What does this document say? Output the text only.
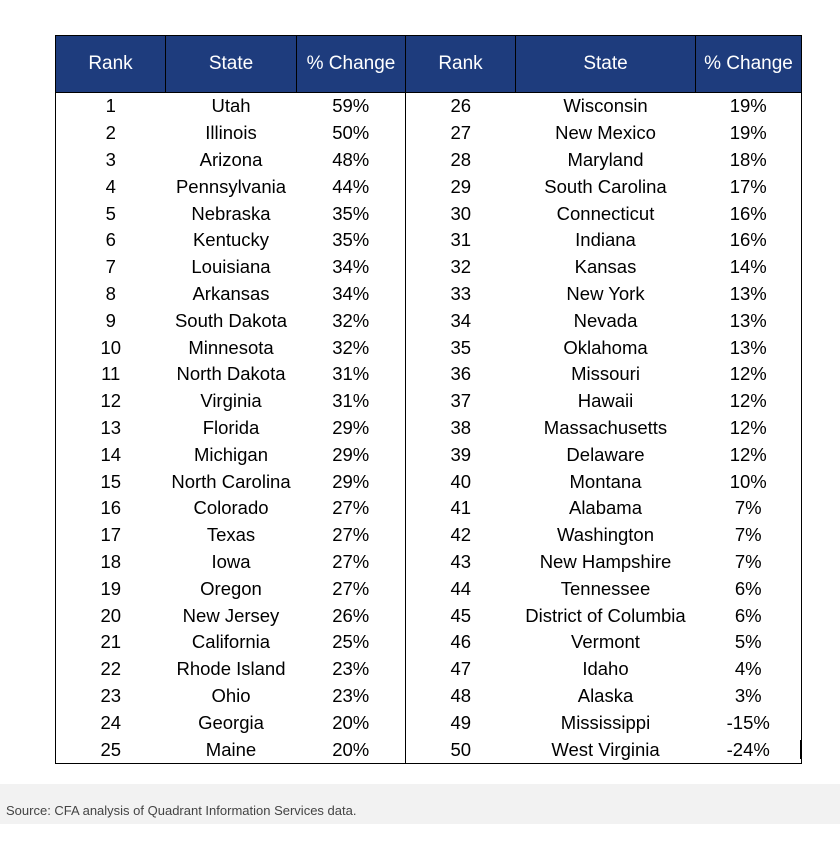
Rank	State	% Change	Rank	State	% Change
1	Utah	59%	26	Wisconsin	19%
2	Illinois	50%	27	New Mexico	19%
3	Arizona	48%	28	Maryland	18%
4	Pennsylvania	44%	29	South Carolina	17%
5	Nebraska	35%	30	Connecticut	16%
6	Kentucky	35%	31	Indiana	16%
7	Louisiana	34%	32	Kansas	14%
8	Arkansas	34%	33	New York	13%
9	South Dakota	32%	34	Nevada	13%
10	Minnesota	32%	35	Oklahoma	13%
11	North Dakota	31%	36	Missouri	12%
12	Virginia	31%	37	Hawaii	12%
13	Florida	29%	38	Massachusetts	12%
14	Michigan	29%	39	Delaware	12%
15	North Carolina	29%	40	Montana	10%
16	Colorado	27%	41	Alabama	7%
17	Texas	27%	42	Washington	7%
18	Iowa	27%	43	New Hampshire	7%
19	Oregon	27%	44	Tennessee	6%
20	New Jersey	26%	45	District of Columbia	6%
21	California	25%	46	Vermont	5%
22	Rhode Island	23%	47	Idaho	4%
23	Ohio	23%	48	Alaska	3%
24	Georgia	20%	49	Mississippi	-15%
25	Maine	20%	50	West Virginia	-24%
Source: CFA analysis of Quadrant Information Services data.
